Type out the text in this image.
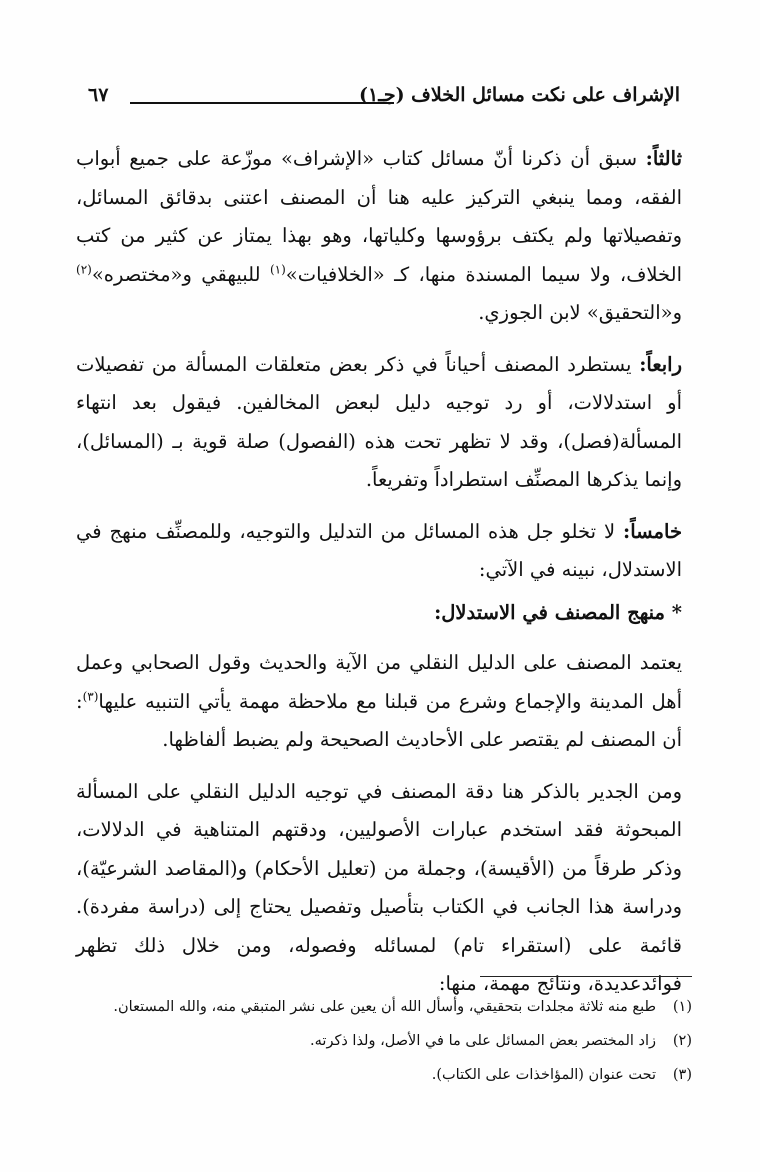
الإشراف على نكت مسائل الخلاف (جـ١)
٦٧

ثالثاً: سبق أن ذكرنا أنّ مسائل كتاب «الإشراف» موزّعة على جميع أبواب الفقه، ومما ينبغي التركيز عليه هنا أن المصنف اعتنى بدقائق المسائل، وتفصيلاتها ولم يكتف برؤوسها وكلياتها، وهو بهذا يمتاز عن كثير من كتب الخلاف، ولا سيما المسندة منها، كـ «الخلافيات»$^{(١)}$ للبيهقي و«مختصره»$^{(٢)}$ و«التحقيق» لابن الجوزي.

رابعاً: يستطرد المصنف أحياناً في ذكر بعض متعلقات المسألة من تفصيلات أو استدلالات، أو رد توجيه دليل لبعض المخالفين. فيقول بعد انتهاء المسألة(فصل)، وقد لا تظهر تحت هذه (الفصول) صلة قوية بـ (المسائل)، وإنما يذكرها المصنِّف استطراداً وتفريعاً.

خامساً: لا تخلو جل هذه المسائل من التدليل والتوجيه، وللمصنِّف منهج في الاستدلال، نبينه في الآتي:

* منهج المصنف في الاستدلال:

يعتمد المصنف على الدليل النقلي من الآية والحديث وقول الصحابي وعمل أهل المدينة والإجماع وشرع من قبلنا مع ملاحظة مهمة يأتي التنبيه عليها$^{(٣)}$: أن المصنف لم يقتصر على الأحاديث الصحيحة ولم يضبط ألفاظها.

ومن الجدير بالذكر هنا دقة المصنف في توجيه الدليل النقلي على المسألة المبحوثة فقد استخدم عبارات الأصوليين، ودقتهم المتناهية في الدلالات، وذكر طرقاً من (الأقيسة)، وجملة من (تعليل الأحكام) و(المقاصد الشرعيّة)، ودراسة هذا الجانب في الكتاب بتأصيل وتفصيل يحتاج إلى (دراسة مفردة). قائمة على (استقراء تام) لمسائله وفصوله، ومن خلال ذلك تظهر فوائدعديدة، ونتائج مهمة، منها:

(١)
طبع منه ثلاثة مجلدات بتحقيقي، وأسأل الله أن يعين على نشر المتبقي منه، والله المستعان.
(٢)
زاد المختصر بعض المسائل على ما في الأصل، ولذا ذكرته.
(٣)
تحت عنوان (المؤاخذات على الكتاب).
